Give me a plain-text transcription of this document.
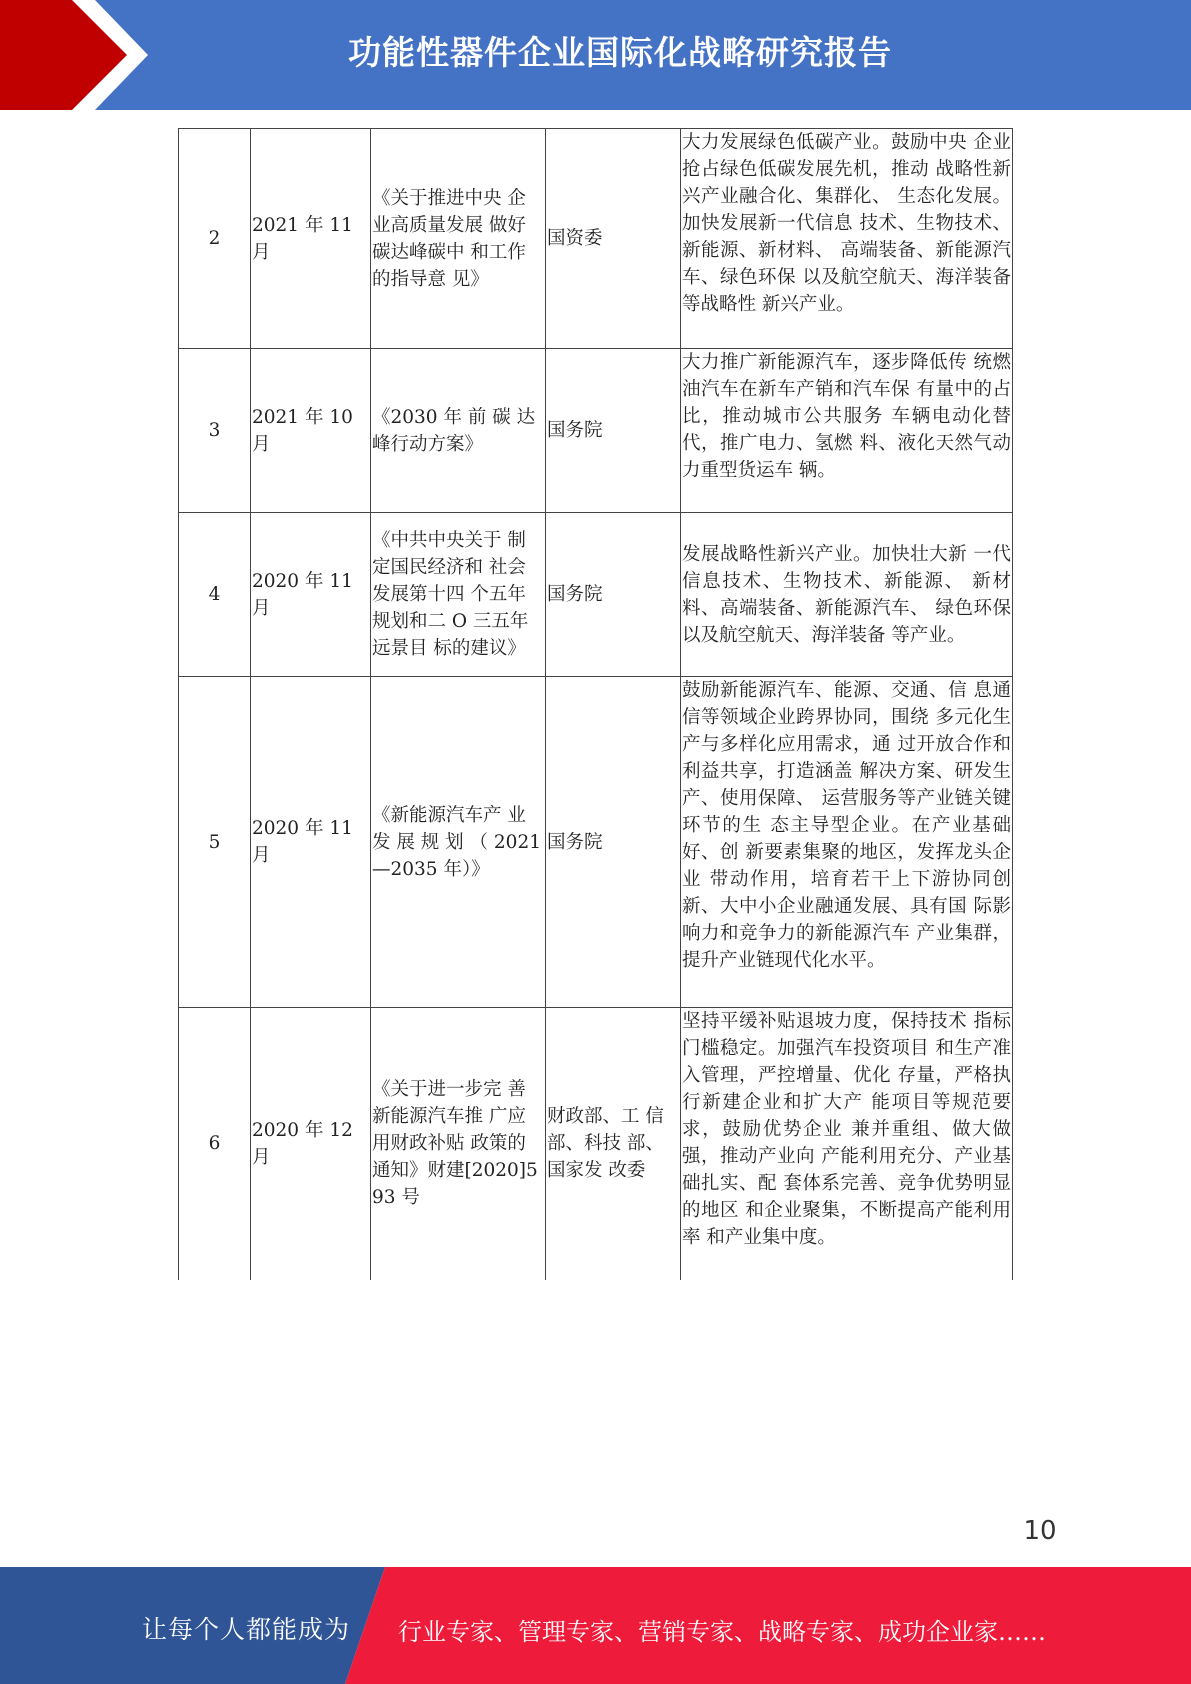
功能性器件企业国际化战略研究报告
2	2021 年 11 月	《关于推进中央 企业高质量发展 做好碳达峰碳中 和工作的指导意 见》	国资委	大力发展绿色低碳产业。鼓励中央 企业抢占绿色低碳发展先机，推动 战略性新兴产业融合化、集群化、 生态化发展。加快发展新一代信息 技术、生物技术、新能源、新材料、 高端装备、新能源汽车、绿色环保 以及航空航天、海洋装备等战略性 新兴产业。
3	2021 年 10 月	《2030 年 前 碳 达峰行动方案》	国务院	大力推广新能源汽车，逐步降低传 统燃油汽车在新车产销和汽车保 有量中的占比，推动城市公共服务 车辆电动化替代，推广电力、氢燃 料、液化天然气动力重型货运车 辆。
4	2020 年 11 月	《中共中央关于 制定国民经济和 社会发展第十四 个五年规划和二 O 三五年远景目 标的建议》	国务院	发展战略性新兴产业。加快壮大新 一代信息技术、生物技术、新能源、 新材料、高端装备、新能源汽车、 绿色环保以及航空航天、海洋装备 等产业。
5	2020 年 11 月	《新能源汽车产 业 发 展 规 划 （ 2021—2035 年）》	国务院	鼓励新能源汽车、能源、交通、信 息通信等领域企业跨界协同，围绕 多元化生产与多样化应用需求，通 过开放合作和利益共享，打造涵盖 解决方案、研发生产、使用保障、 运营服务等产业链关键环节的生 态主导型企业。在产业基础好、创 新要素集聚的地区，发挥龙头企业 带动作用，培育若干上下游协同创 新、大中小企业融通发展、具有国 际影响力和竞争力的新能源汽车 产业集群，提升产业链现代化水平。
6	2020 年 12 月	《关于进一步完 善新能源汽车推 广应用财政补贴 政策的通知》财建[2020]593 号	财政部、工 信部、科技 部、国家发 改委	坚持平缓补贴退坡力度，保持技术 指标门槛稳定。加强汽车投资项目 和生产准入管理，严控增量、优化 存量，严格执行新建企业和扩大产 能项目等规范要求，鼓励优势企业 兼并重组、做大做强，推动产业向 产能利用充分、产业基础扎实、配 套体系完善、竞争优势明显的地区 和企业聚集，不断提高产能利用率 和产业集中度。
10
让每个人都能成为 行业专家、管理专家、营销专家、战略专家、成功企业家……
